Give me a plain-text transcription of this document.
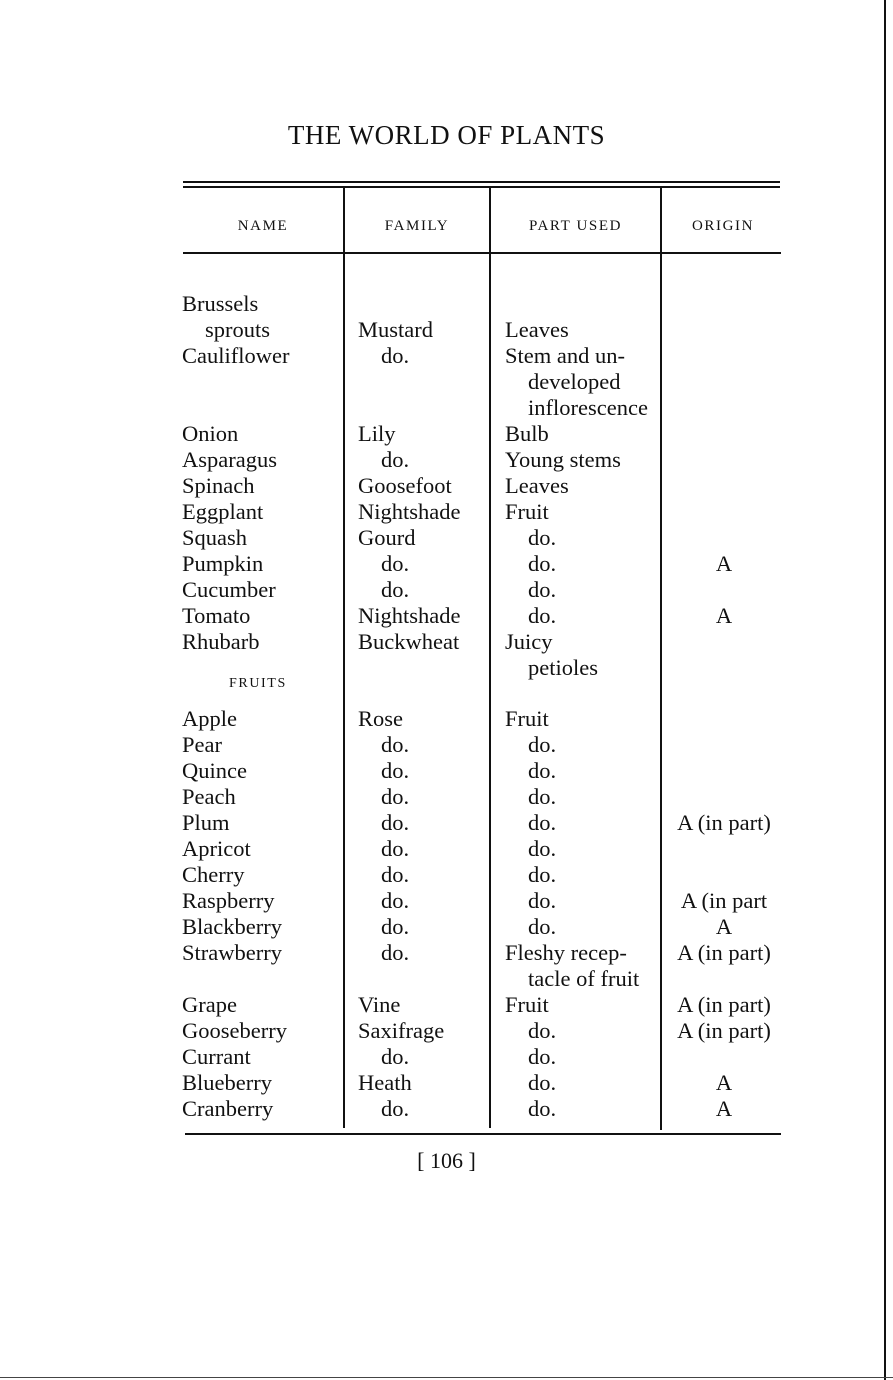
THE WORLD OF PLANTS
NAME	FAMILY	PART USED	ORIGIN
Brussels
sprouts	Mustard	Leaves
Cauliflower	do.	Stem and un-
developed
inflorescence
Onion	Lily	Bulb
Asparagus	do.	Young stems
Spinach	Goosefoot Leaves
Eggplant	Nightshade Fruit
Squash	Gourd	do.
Pumpkin	do.	do.	A
Cucumber	do.	do.
Tomato	Nightshade	do.	A
Rhubarb	Buckwheat Juicy
petioles
Apple	Rose	Fruit
Pear	do.	do.
Quince	do.	do.
Peach	do.	do.
Plum	do.	do.	A (in part)
Apricot	do.	do.
Cherry	do.	do.
Raspberry	do.	do.	A (in part
Blackberry	do.	do.	A
Strawberry	do.	Fleshy recep-	A (in part)
tacle of fruit
Grape	Vine	Fruit	A (in part)
Gooseberry	Saxifrage	do.	A (in part)
Currant	do.	do.
Blueberry	Heath	do.	A
Cranberry	do.	do.	A
FRUITS
[ 106 ]
